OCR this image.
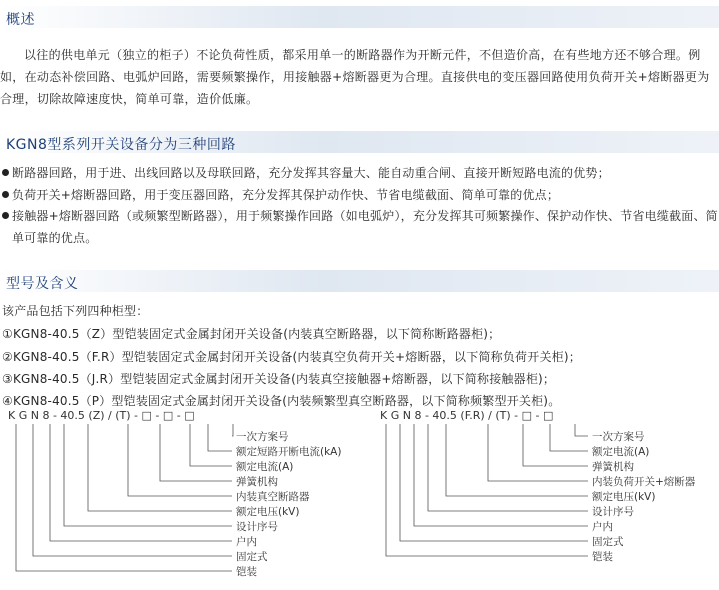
概述

以往的供电单元（独立的柜子）不论负荷性质，都采用单一的断路器作为开断元件，不但造价高，在有些地方还不够合理。例如，在动态补偿回路、电弧炉回路，需要频繁操作，用接触器+熔断器更为合理。直接供电的变压器回路使用负荷开关+熔断器更为合理，切除故障速度快，简单可靠，造价低廉。

KGN8型系列开关设备分为三种回路

断路器回路，用于进、出线回路以及母联回路，充分发挥其容量大、能自动重合闸、直接开断短路电流的优势；

负荷开关+熔断器回路，用于变压器回路，充分发挥其保护动作快、节省电缆截面、简单可靠的优点；

接触器+熔断器回路（或频繁型断路器），用于频繁操作回路（如电弧炉），充分发挥其可频繁操作、保护动作快、节省电缆截面、简单可靠的优点。

型号及含义
该产品包括下列四种柜型：
①KGN8-40.5（Z）型铠装固定式金属封闭开关设备(内装真空断路器，以下简称断路器柜)；
②KGN8-40.5（F.R）型铠装固定式金属封闭开关设备(内装真空负荷开关+熔断器，以下简称负荷开关柜)；
③KGN8-40.5（J.R）型铠装固定式金属封闭开关设备(内装真空接触器+熔断器，以下简称接触器柜)；
④KGN8-40.5（P）型铠装固定式金属封闭开关设备(内装频繁型真空断路器，以下简称频繁型开关柜)。
K G N 8 - 40.5 (Z) / (T) - □ - □ - □
一次方案号
额定短路开断电流(kA)
额定电流(A)
弹簧机构
内装真空断路器
额定电压(kV)
设计序号
户内
固定式
铠装
K G N 8 - 40.5 (F.R) / (T) - □ - □
一次方案号
额定电流(A)
弹簧机构
内装负荷开关+熔断器
额定电压(kV)
设计序号
户内
固定式
铠装
